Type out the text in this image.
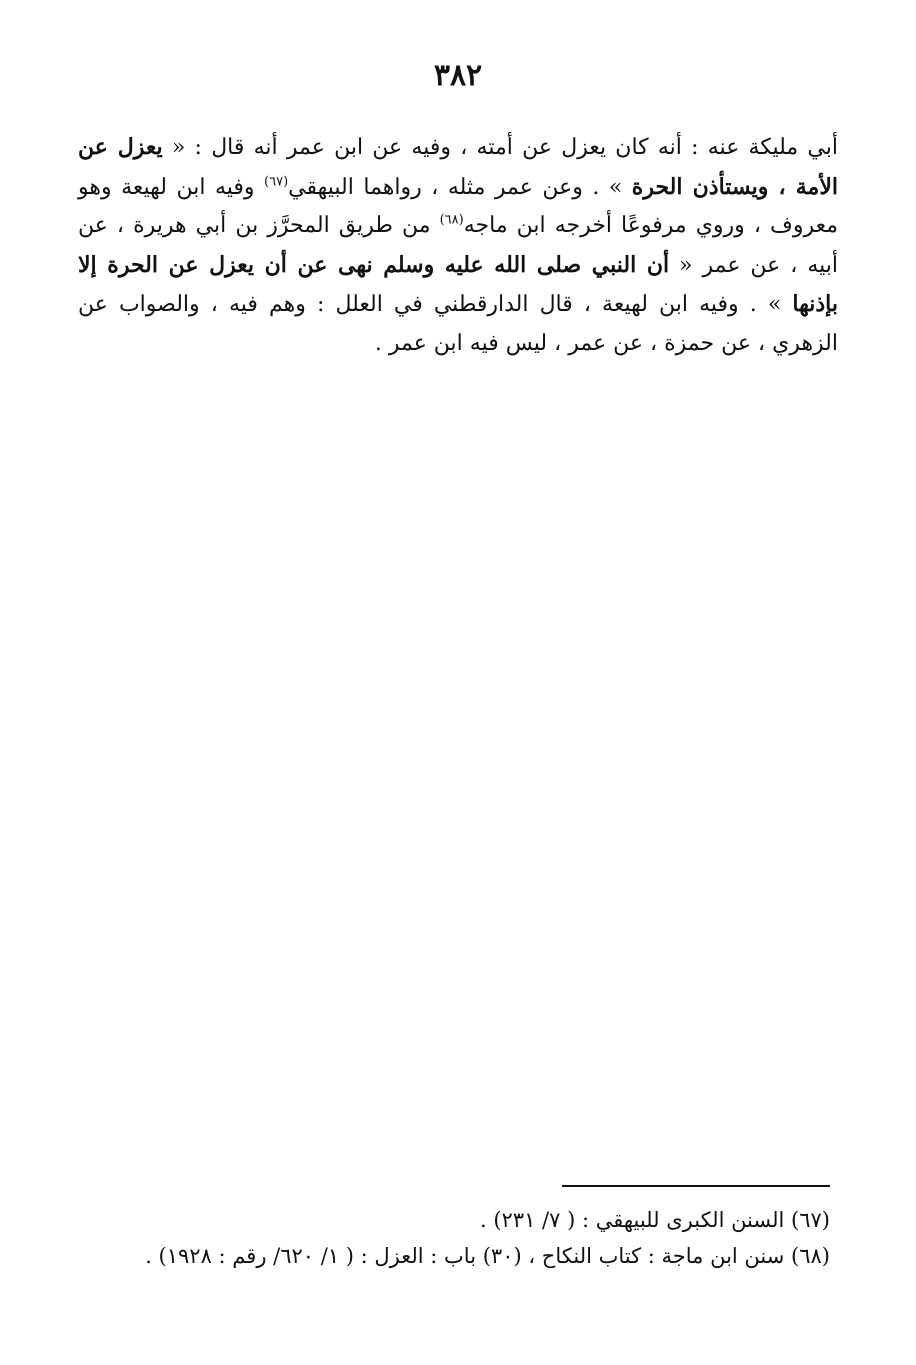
٣٨٢
أبي مليكة عنه : أنه كان يعزل عن أمته ، وفيه عن ابن عمر أنه قال : « يعزل عن
الأمة ، ويستأذن الحرة » . وعن عمر مثله ، رواهما البيهقي$^{(٦٧)}$ وفيه ابن لهيعة وهو
معروف ، وروي مرفوعًا أخرجه ابن ماجه$^{(٦٨)}$ من طريق المحرَّز بن أبي هريرة ، عن
أبيه ، عن عمر « أن النبي صلى الله عليه وسلم نهى عن أن يعزل عن الحرة إلا
بإذنها » . وفيه ابن لهيعة ، قال الدارقطني في العلل : وهم فيه ، والصواب عن
الزهري ، عن حمزة ، عن عمر ، ليس فيه ابن عمر .
(٦٧) السنن الكبرى للبيهقي : ( ٧/ ٢٣١) .
(٦٨) سنن ابن ماجة : كتاب النكاح ، (٣٠) باب : العزل : ( ١/ ٦٢٠/ رقم : ١٩٢٨) .
